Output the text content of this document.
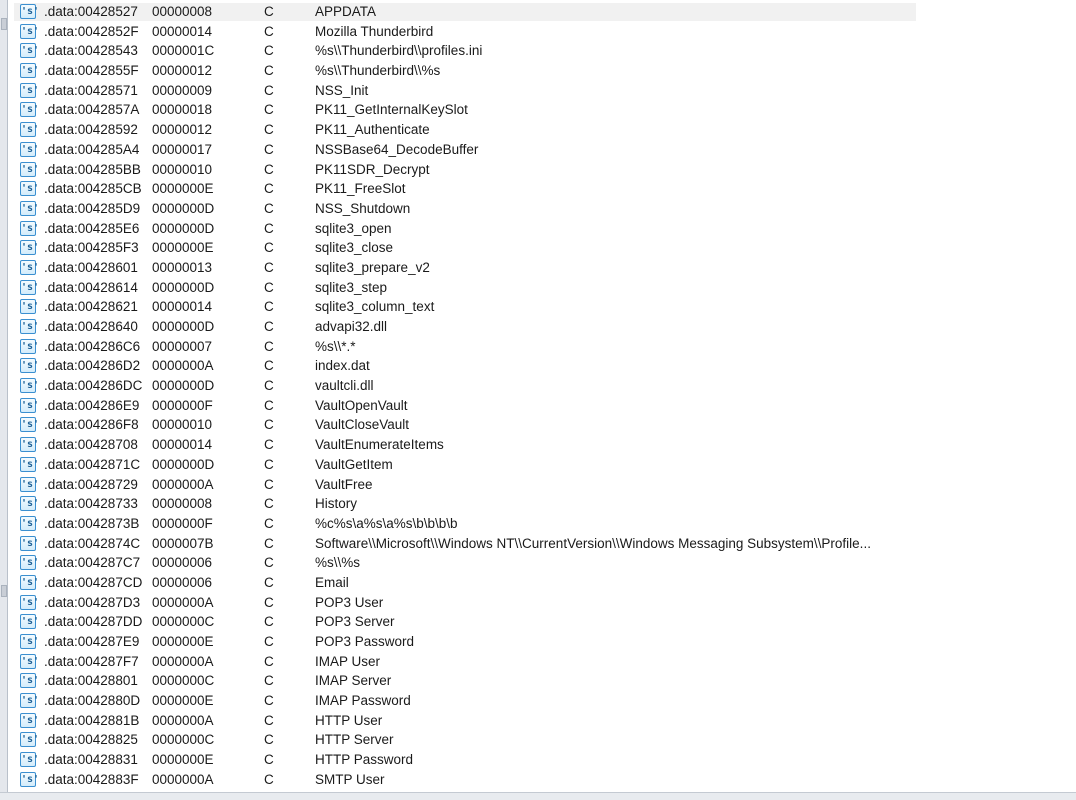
's' .data:00428527 00000008	C	APPDATA
's' .data:0042852F 00000014	C	Mozilla Thunderbird
's' .data:00428543 0000001C	C	%s\\Thunderbird\\profiles.ini
's' .data:0042855F 00000012	C	%s\\Thunderbird\\%s
's' .data:00428571 00000009	C	NSS_Init
's' .data:0042857A 00000018	C	PK11_GetInternalKeySlot
's' .data:00428592 00000012	C	PK11_Authenticate
's' .data:004285A4 00000017	C	NSSBase64_DecodeBuffer
's' .data:004285BB 00000010	C	PK11SDR_Decrypt
's' .data:004285CB 0000000E	C	PK11_FreeSlot
's' .data:004285D9 0000000D	C	NSS_Shutdown
's' .data:004285E6 0000000D	C	sqlite3_open
's' .data:004285F3 0000000E	C	sqlite3_close
's' .data:00428601 00000013	C	sqlite3_prepare_v2
's' .data:00428614 0000000D	C	sqlite3_step
's' .data:00428621 00000014	C	sqlite3_column_text
's' .data:00428640 0000000D	C	advapi32.dll
's' .data:004286C6 00000007	C	%s\\*.*
's' .data:004286D2 0000000A	C	index.dat
's' .data:004286DC 0000000D	C	vaultcli.dll
's' .data:004286E9 0000000F	C	VaultOpenVault
's' .data:004286F8 00000010	C	VaultCloseVault
's' .data:00428708 00000014	C	VaultEnumerateItems
's' .data:0042871C 0000000D	C	VaultGetItem
's' .data:00428729 0000000A	C	VaultFree
's' .data:00428733 00000008	C	History
's' .data:0042873B 0000000F	C	%c%s\a%s\a%s\b\b\b\b
's' .data:0042874C 0000007B	C	Software\\Microsoft\\Windows NT\\CurrentVersion\\Windows Messaging Subsystem\\Profile...
's' .data:004287C7 00000006	C	%s\\%s
's' .data:004287CD 00000006	C	Email
's' .data:004287D3 0000000A	C	POP3 User
's' .data:004287DD 0000000C	C	POP3 Server
's' .data:004287E9 0000000E	C	POP3 Password
's' .data:004287F7 0000000A	C	IMAP User
's' .data:00428801 0000000C	C	IMAP Server
's' .data:0042880D 0000000E	C	IMAP Password
's' .data:0042881B 0000000A	C	HTTP User
's' .data:00428825 0000000C	C	HTTP Server
's' .data:00428831 0000000E	C	HTTP Password
's' .data:0042883F 0000000A	C	SMTP User
